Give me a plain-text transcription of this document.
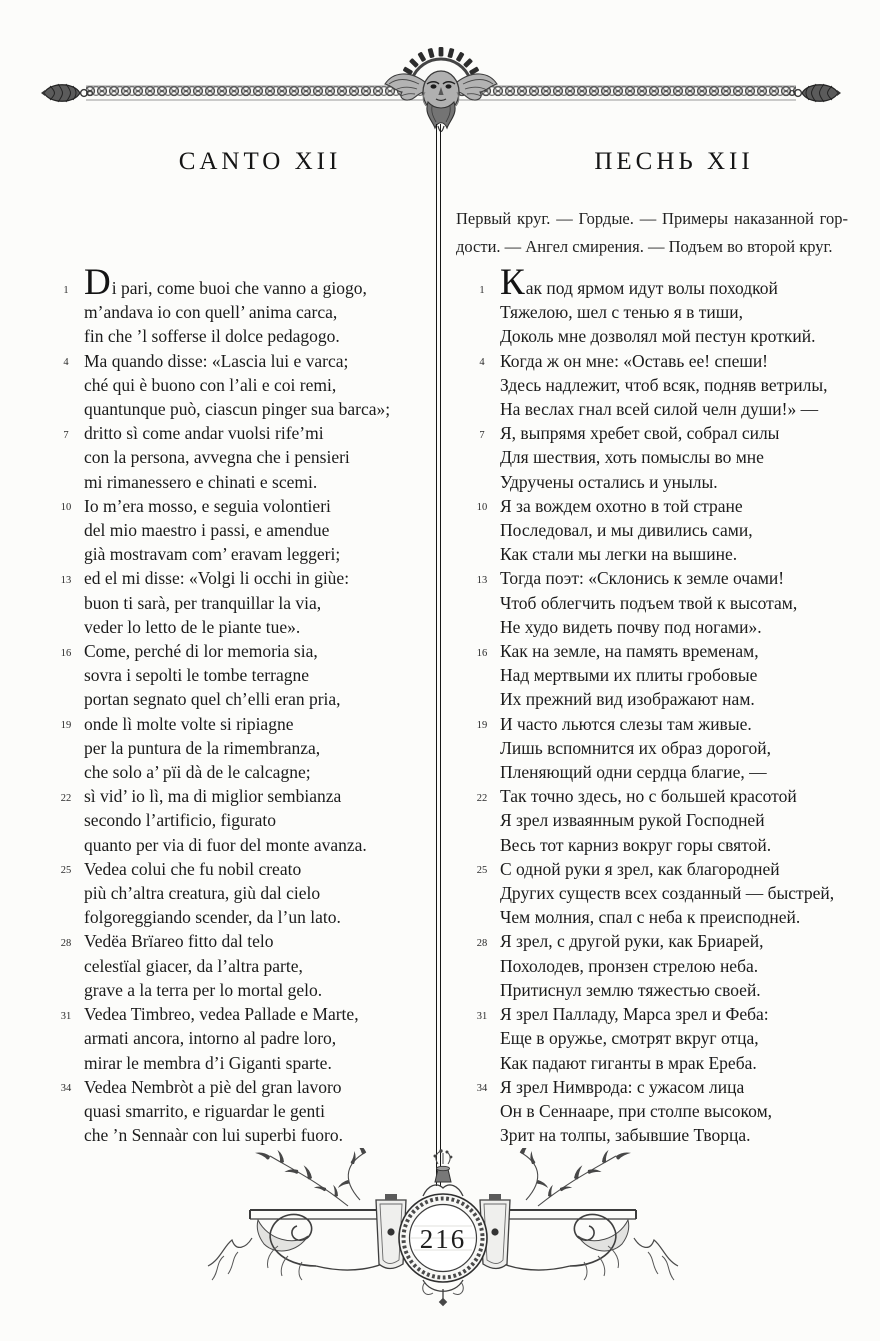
CANTO XII	ПЕСНЬ XII
Первый круг. — Гордые. — Примеры наказанной гор-
дости. — Ангел смирения. — Подъем во второй круг.
1 Di pari, come buoi che vanno a giogo,
m’andava io con quell’ anima carca,
fin che ’l sofferse il dolce pedagogo.
4 Ma quando disse: «Lascia lui e varca;
ché qui è buono con l’ali e coi remi,
quantunque può, ciascun pinger sua barca»;
7 dritto sì come andar vuolsi rife’mi
con la persona, avvegna che i pensieri
mi rimanessero e chinati e scemi.
10 Io m’era mosso, e seguia volontieri
del mio maestro i passi, e amendue
già mostravam com’ eravam leggeri;
13 ed el mi disse: «Volgi li occhi in giùe:
buon ti sarà, per tranquillar la via,
veder lo letto de le piante tue».
16 Come, perché di lor memoria sia,
sovra i sepolti le tombe terragne
portan segnato quel ch’elli eran pria,
19 onde lì molte volte si ripiagne
per la puntura de la rimembranza,
che solo a’ pïi dà de le calcagne;
22 sì vid’ io lì, ma di miglior sembianza
secondo l’artificio, figurato
quanto per via di fuor del monte avanza.
25 Vedea colui che fu nobil creato
più ch’altra creatura, giù dal cielo
folgoreggiando scender, da l’un lato.
28 Vedëa Brïareo fitto dal telo
celestïal giacer, da l’altra parte,
grave a la terra per lo mortal gelo.
31 Vedea Timbreo, vedea Pallade e Marte,
armati ancora, intorno al padre loro,
mirar le membra d’i Giganti sparte.
34 Vedea Nembròt a piè del gran lavoro
quasi smarrito, e riguardar le genti
che ’n Sennaàr con lui superbi fuoro.
1 Как под ярмом идут волы походкой
Тяжелою, шел с тенью я в тиши,
Доколь мне дозволял мой пестун кроткий.
4 Когда ж он мне: «Оставь ее! спеши!
Здесь надлежит, чтоб всяк, подняв ветрилы,
На веслах гнал всей силой челн души!» —
7 Я, выпрямя хребет свой, собрал силы
Для шествия, хоть помыслы во мне
Удручены остались и унылы.
10 Я за вождем охотно в той стране
Последовал, и мы дивились сами,
Как стали мы легки на вышине.
13 Тогда поэт: «Склонись к земле очами!
Чтоб облегчить подъем твой к высотам,
Не худо видеть почву под ногами».
16 Как на земле, на память временам,
Над мертвыми их плиты гробовые
Их прежний вид изображают нам.
19 И часто льются слезы там живые.
Лишь вспомнится их образ дорогой,
Пленяющий одни сердца благие, —
22 Так точно здесь, но с большей красотой
Я зрел изваянным рукой Господней
Весь тот карниз вокруг горы святой.
25 С одной руки я зрел, как благородней
Других существ всех созданный — быстрей,
Чем молния, спал с неба к преисподней.
28 Я зрел, с другой руки, как Бриарей,
Похолодев, пронзен стрелою неба.
Притиснул землю тяжестью своей.
31 Я зрел Палладу, Марса зрел и Феба:
Еще в оружье, смотрят вкруг отца,
Как падают гиганты в мрак Ереба.
34 Я зрел Нимврода: с ужасом лица
Он в Сеннааре, при столпе высоком,
Зрит на толпы, забывшие Творца.
216
